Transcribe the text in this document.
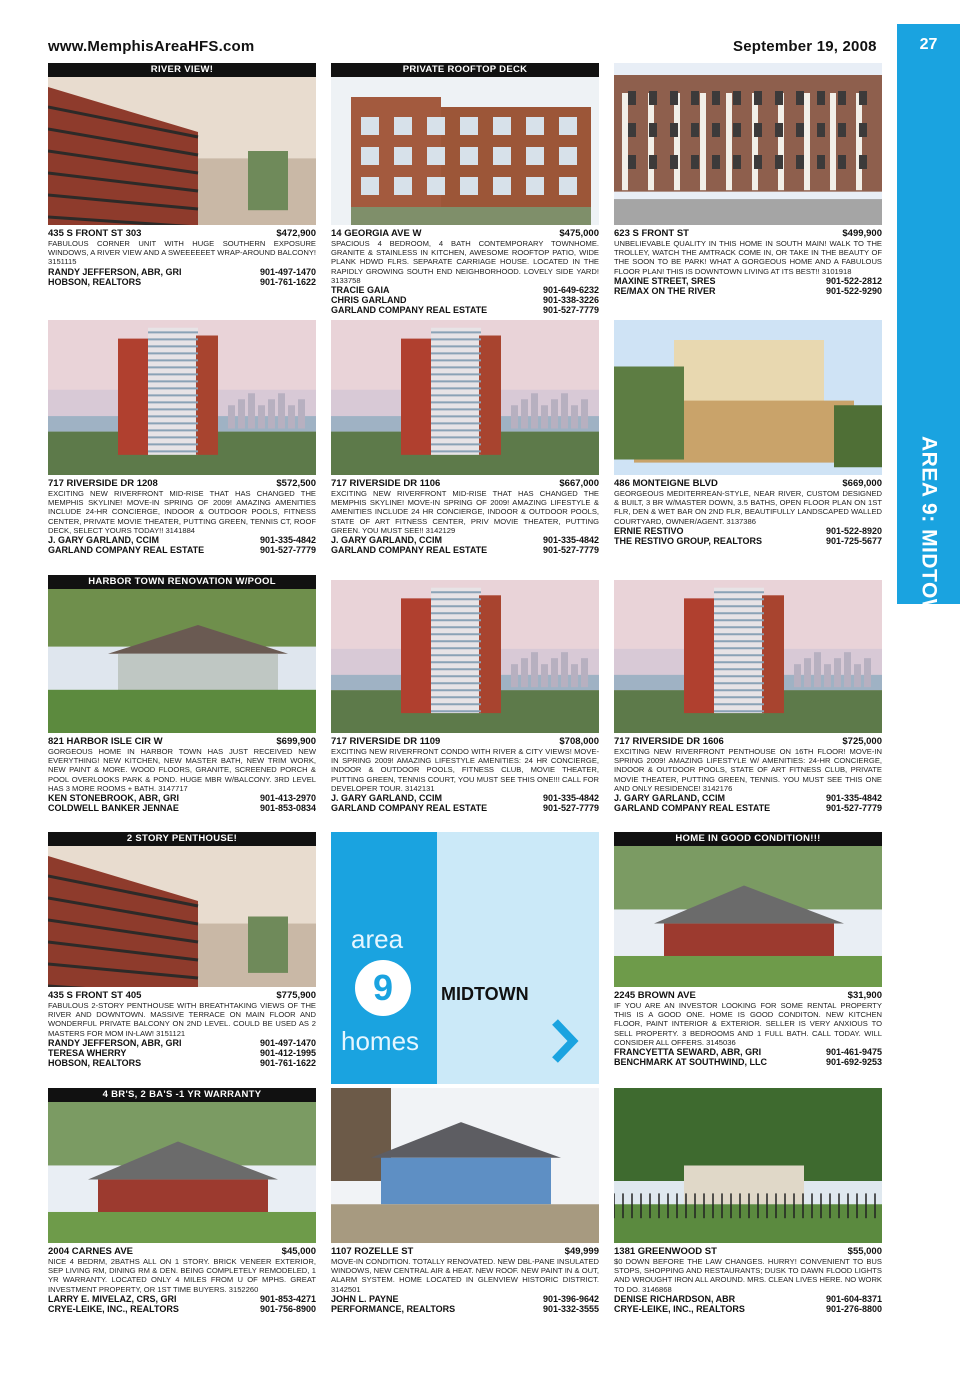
www.MemphisAreaHFS.com	September 19, 2008	27
AREA 9: MIDTOWN
area
9
homes
MIDTOWN
RIVER VIEW!
435 S FRONT ST 303	$472,900
FABULOUS CORNER UNIT WITH HUGE SOUTHERN EXPOSURE WINDOWS, A RIVER VIEW AND A SWEEEEEET WRAP-AROUND BALCONY! 3151115
RANDY JEFFERSON, ABR, GRI	901-497-1470
HOBSON, REALTORS	901-761-1622
PRIVATE ROOFTOP DECK
14 GEORGIA AVE W	$475,000
SPACIOUS 4 BEDROOM, 4 BATH CONTEMPORARY TOWNHOME. GRANITE & STAINLESS IN KITCHEN, AWESOME ROOFTOP PATIO, WIDE PLANK HDWD FLRS. SEPARATE CARRIAGE HOUSE. LOCATED IN THE RAPIDLY GROWING SOUTH END NEIGHBORHOOD. LOVELY SIDE YARD! 3133758
TRACIE GAIA	901-649-6232
CHRIS GARLAND	901-338-3226
GARLAND COMPANY REAL ESTATE	901-527-7779
623 S FRONT ST	$499,900
UNBELIEVABLE QUALITY IN THIS HOME IN SOUTH MAIN! WALK TO THE TROLLEY, WATCH THE AMTRACK COME IN, OR TAKE IN THE BEAUTY OF THE SOON TO BE PARK! WHAT A GORGEOUS HOME AND A FABULOUS FLOOR PLAN! THIS IS DOWNTOWN LIVING AT ITS BEST!! 3101918
MAXINE STREET, SRES	901-522-2812
RE/MAX ON THE RIVER	901-522-9290
717 RIVERSIDE DR 1208	$572,500
EXCITING NEW RIVERFRONT MID-RISE THAT HAS CHANGED THE MEMPHIS SKYLINE! MOVE-IN SPRING OF 2009! AMAZING AMENITIES INCLUDE 24-HR CONCIERGE, INDOOR & OUTDOOR POOLS, FITNESS CENTER, PRIVATE MOVIE THEATER, PUTTING GREEN, TENNIS CT, ROOF DECK, SELECT YOURS TODAY!! 3141884
J. GARY GARLAND, CCIM	901-335-4842
GARLAND COMPANY REAL ESTATE	901-527-7779
717 RIVERSIDE DR 1106	$667,000
EXCITING NEW RIVERFRONT MID-RISE THAT HAS CHANGED THE MEMPHIS SKYLINE! MOVE-IN SPRING OF 2009! AMAZING LIFESTYLE & AMENITIES INCLUDE 24 HR CONCIERGE, INDOOR & OUTDOOR POOLS, STATE OF ART FITNESS CENTER, PRIV MOVIE THEATER, PUTTING GREEN. YOU MUST SEE!! 3142129
J. GARY GARLAND, CCIM	901-335-4842
GARLAND COMPANY REAL ESTATE	901-527-7779
486 MONTEIGNE BLVD	$669,000
GEORGEOUS MEDITERREAN-STYLE, NEAR RIVER, CUSTOM DESIGNED & BUILT, 3 BR W/MASTER DOWN, 3.5 BATHS, OPEN FLOOR PLAN ON 1ST FLR, DEN & WET BAR ON 2ND FLR, BEAUTIFULLY LANDSCAPED WALLED COURTYARD, OWNER/AGENT. 3137386
ERNIE RESTIVO	901-522-8920
THE RESTIVO GROUP, REALTORS	901-725-5677
HARBOR TOWN RENOVATION W/POOL
821 HARBOR ISLE CIR W	$699,900
GORGEOUS HOME IN HARBOR TOWN HAS JUST RECEIVED NEW EVERYTHING! NEW KITCHEN, NEW MASTER BATH, NEW TRIM WORK, NEW PAINT & MORE. WOOD FLOORS, GRANITE, SCREENED PORCH & POOL OVERLOOKS PARK & POND. HUGE MBR W/BALCONY. 3RD LEVEL HAS 3 MORE ROOMS + BATH. 3147717
KEN STONEBROOK, ABR, GRI	901-413-2970
COLDWELL BANKER JENNAE	901-853-0834
717 RIVERSIDE DR 1109	$708,000
EXCITING NEW RIVERFRONT CONDO WITH RIVER & CITY VIEWS! MOVE-IN SPRING 2009! AMAZING LIFESTYLE AMENITIES: 24 HR CONCIERGE, INDOOR & OUTDOOR POOLS, FITNESS CLUB, MOVIE THEATER, PUTTING GREEN, TENNIS COURT, YOU MUST SEE THIS ONE!!! CALL FOR DEVELOPER TOUR. 3142131
J. GARY GARLAND, CCIM	901-335-4842
GARLAND COMPANY REAL ESTATE	901-527-7779
717 RIVERSIDE DR 1606	$725,000
EXCITING NEW RIVERFRONT PENTHOUSE ON 16TH FLOOR! MOVE-IN SPRING 2009! AMAZING LIFESTYLE W/ AMENITIES: 24-HR CONCIERGE, INDOOR & OUTDOOR POOLS, STATE OF ART FITNESS CLUB, PRIVATE MOVIE THEATER, PUTTING GREEN, TENNIS. YOU MUST SEE THIS ONE AND ONLY RESIDENCE! 3142176
J. GARY GARLAND, CCIM	901-335-4842
GARLAND COMPANY REAL ESTATE	901-527-7779
2 STORY PENTHOUSE!
435 S FRONT ST 405	$775,900
FABULOUS 2-STORY PENTHOUSE WITH BREATHTAKING VIEWS OF THE RIVER AND DOWNTOWN. MASSIVE TERRACE ON MAIN FLOOR AND WONDERFUL PRIVATE BALCONY ON 2ND LEVEL. COULD BE USED AS 2 MASTERS FOR MOM IN-LAW! 3151121
RANDY JEFFERSON, ABR, GRI	901-497-1470
TERESA WHERRY	901-412-1995
HOBSON, REALTORS	901-761-1622
HOME IN GOOD CONDITION!!!
2245 BROWN AVE	$31,900
IF YOU ARE AN INVESTOR LOOKING FOR SOME RENTAL PROPERTY THIS IS A GOOD ONE. HOME IS GOOD CONDITON. NEW KITCHEN FLOOR, PAINT INTERIOR & EXTERIOR. SELLER IS VERY ANXIOUS TO SELL PROPERTY. 3 BEDROOMS AND 1 FULL BATH. CALL TODAY. WILL CONSIDER ALL OFFERS. 3145036
FRANCYETTA SEWARD, ABR, GRI	901-461-9475
BENCHMARK AT SOUTHWIND, LLC	901-692-9253
4 BR'S, 2 BA'S -1 YR WARRANTY
2004 CARNES AVE	$45,000
NICE 4 BEDRM, 2BATHS ALL ON 1 STORY. BRICK VENEER EXTERIOR, SEP LIVING RM, DINING RM & DEN. BEING COMPLETELY REMODELED, 1 YR WARRANTY. LOCATED ONLY 4 MILES FROM U OF MPHS. GREAT INVESTMENT PROPERTY, OR 1ST TIME BUYERS. 3152260
LARRY E. MIVELAZ, CRS, GRI	901-853-4271
CRYE-LEIKE, INC., REALTORS	901-756-8900
1107 ROZELLE ST	$49,999
MOVE-IN CONDITION. TOTALLY RENOVATED. NEW DBL-PANE INSULATED WINDOWS, NEW CENTRAL AIR & HEAT. NEW ROOF. NEW PAINT IN & OUT, ALARM SYSTEM. HOME LOCATED IN GLENVIEW HISTORIC DISTRICT. 3142501
JOHN L. PAYNE	901-396-9642
PERFORMANCE, REALTORS	901-332-3555
1381 GREENWOOD ST	$55,000
$0 DOWN BEFORE THE LAW CHANGES. HURRY! CONVENIENT TO BUS STOPS, SHOPPING AND RESTAURANTS; DUSK TO DAWN FLOOD LIGHTS AND WROUGHT IRON ALL AROUND. MRS. CLEAN LIVES HERE. NO WORK TO DO. 3146868
DENISE RICHARDSON, ABR	901-604-8371
CRYE-LEIKE, INC., REALTORS	901-276-8800
